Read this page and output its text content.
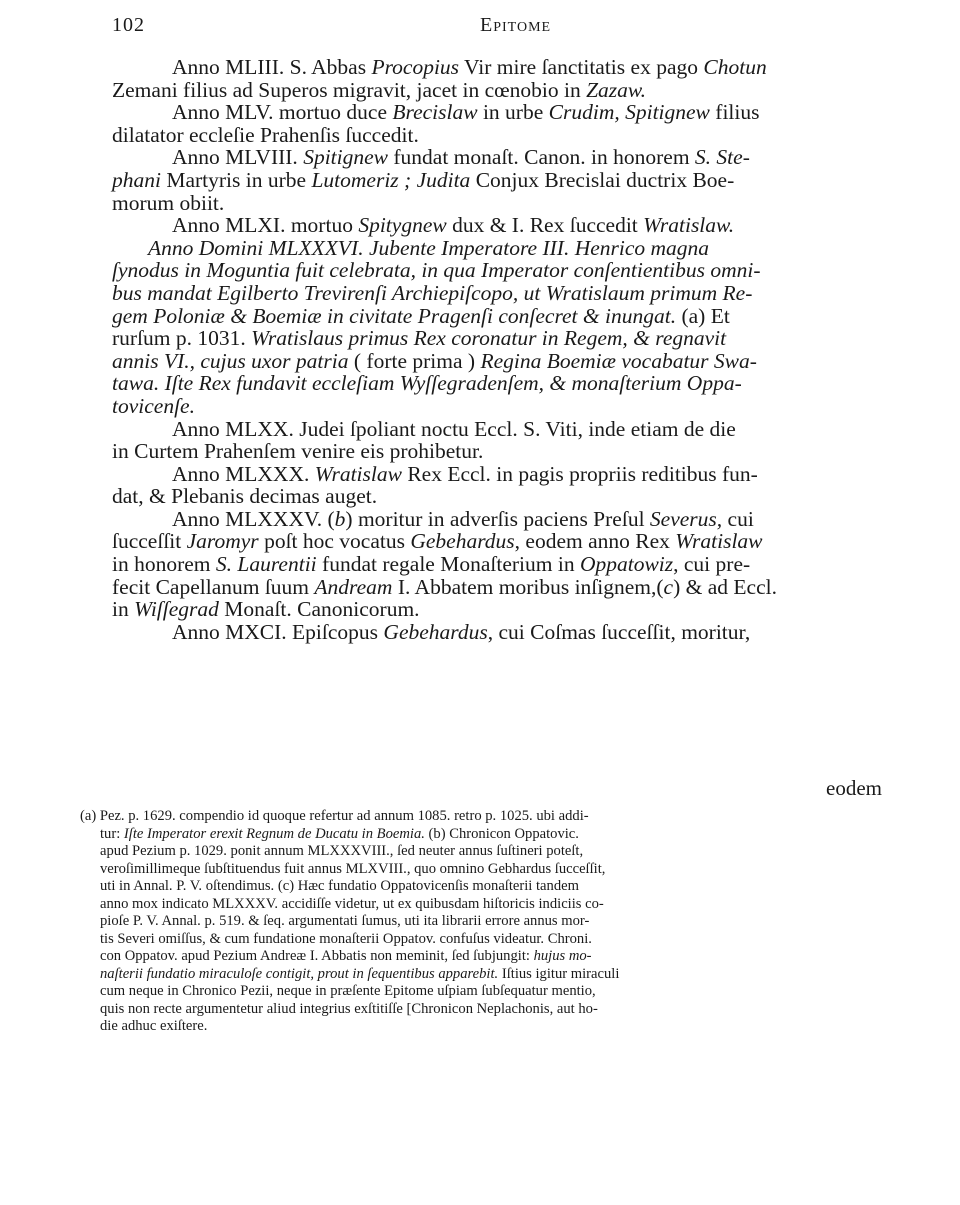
102	Epitome
Anno MLIII. S. Abbas Procopius Vir mire ſanctitatis ex pago Chotun
Zemani filius ad Superos migravit, jacet in cœnobio in Zazaw.
Anno MLV. mortuo duce Brecislaw in urbe Crudim, Spitignew filius
dilatator eccleſie Prahenſis ſuccedit.
Anno MLVIII. Spitignew fundat monaſt. Canon. in honorem S. Ste-
phani Martyris in urbe Lutomeriz ; Judita Conjux Brecislai ductrix Boe-
morum obiit.
Anno MLXI. mortuo Spitygnew dux & I. Rex ſuccedit Wratislaw.
Anno Domini MLXXXVI. Jubente Imperatore III. Henrico magna
ſynodus in Moguntia fuit celebrata, in qua Imperator conſentientibus omni-
bus mandat Egilberto Trevirenſi Archiepiſcopo, ut Wratislaum primum Re-
gem Poloniæ & Boemiæ in civitate Pragenſi conſecret & inungat. (a) Et
rurſum p. 1031. Wratislaus primus Rex coronatur in Regem, & regnavit
annis VI., cujus uxor patria ( forte prima ) Regina Boemiæ vocabatur Swa-
tawa. Iſte Rex fundavit eccleſiam Wyſſegradenſem, & monaſterium Oppa-
tovicenſe.
Anno MLXX. Judei ſpoliant noctu Eccl. S. Viti, inde etiam de die
in Curtem Prahenſem venire eis prohibetur.
Anno MLXXX. Wratislaw Rex Eccl. in pagis propriis reditibus fun-
dat, & Plebanis decimas auget.
Anno MLXXXV. (b) moritur in adverſis paciens Preſul Severus, cui
ſucceſſit Jaromyr poſt hoc vocatus Gebehardus, eodem anno Rex Wratislaw
in honorem S. Laurentii fundat regale Monaſterium in Oppatowiz, cui pre-
fecit Capellanum ſuum Andream I. Abbatem moribus inſignem,(c) & ad Eccl.
in Wiſſegrad Monaſt. Canonicorum.
Anno MXCI. Epiſcopus Gebehardus, cui Coſmas ſucceſſit, moritur,
eodem
(a) Pez. p. 1629. compendio id quoque refertur ad annum 1085. retro p. 1025. ubi addi-
tur: Iſte Imperator erexit Regnum de Ducatu in Boemia. (b) Chronicon Oppatovic.
apud Pezium p. 1029. ponit annum MLXXXVIII., ſed neuter annus ſuſtineri poteſt,
veroſimillimeque ſubſtituendus fuit annus MLXVIII., quo omnino Gebhardus ſucceſſit,
uti in Annal. P. V. oſtendimus. (c) Hæc fundatio Oppatovicenſis monaſterii tandem
anno mox indicato MLXXXV. accidiſſe videtur, ut ex quibusdam hiſtoricis indiciis co-
pioſe P. V. Annal. p. 519. & ſeq. argumentati ſumus, uti ita librarii errore annus mor-
tis Severi omiſſus, & cum fundatione monaſterii Oppatov. confuſus videatur. Chroni.
con Oppatov. apud Pezium Andreæ I. Abbatis non meminit, ſed ſubjungit: hujus mo-
naſterii fundatio miraculoſe contigit, prout in ſequentibus apparebit. Iſtius igitur miraculi
cum neque in Chronico Pezii, neque in præſente Epitome uſpiam ſubſequatur mentio,
quis non recte argumentetur aliud integrius exſtitiſſe [Chronicon Neplachonis, aut ho-
die adhuc exiſtere.
